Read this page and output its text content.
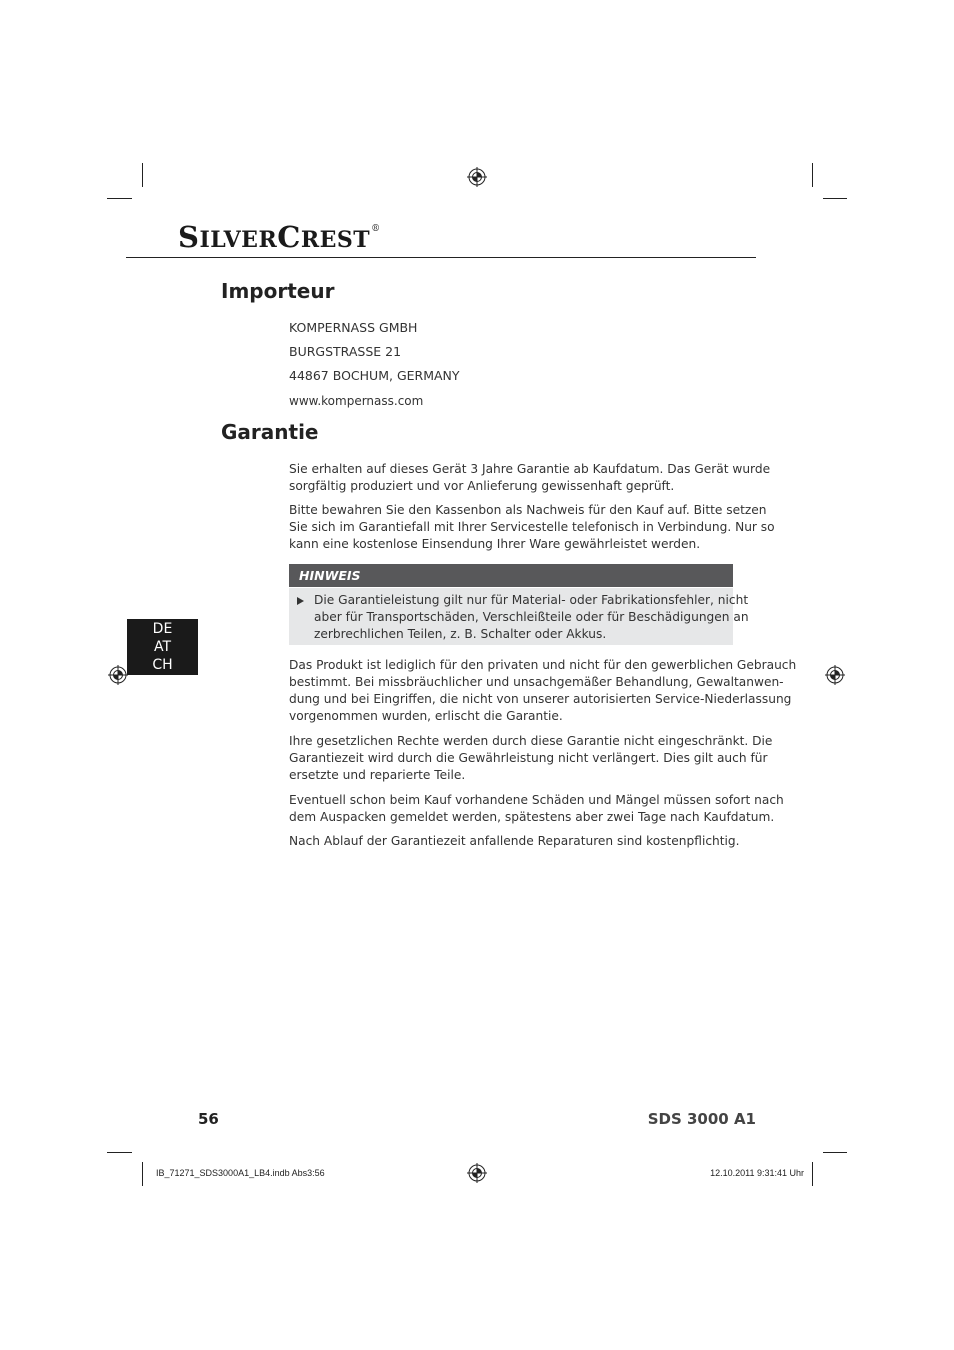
SILVERCREST®
Importeur
KOMPERNASS GMBH
BURGSTRASSE 21
44867 BOCHUM, GERMANY
www.kompernass.com
Garantie
Sie erhalten auf dieses Gerät 3 Jahre Garantie ab Kaufdatum. Das Gerät wurde
sorgfältig produziert und vor Anlieferung gewissenhaft geprüft.
Bitte bewahren Sie den Kassenbon als Nachweis für den Kauf auf. Bitte setzen
Sie sich im Garantiefall mit Ihrer Servicestelle telefonisch in Verbindung. Nur so
kann eine kostenlose Einsendung Ihrer Ware gewährleistet werden.
HINWEIS
Die Garantieleistung gilt nur für Material- oder Fabrikationsfehler, nicht
aber für Transportschäden, Verschleißteile oder für Beschädigungen an
zerbrechlichen Teilen, z. B. Schalter oder Akkus.
DE
AT
CH	Das Produkt ist lediglich für den privaten und nicht für den gewerblichen Gebrauch
bestimmt. Bei missbräuchlicher und unsachgemäßer Behandlung, Gewaltanwen-
dung und bei Eingriffen, die nicht von unserer autorisierten Service-Niederlassung
vorgenommen wurden, erlischt die Garantie.
Ihre gesetzlichen Rechte werden durch diese Garantie nicht eingeschränkt. Die
Garantiezeit wird durch die Gewährleistung nicht verlängert. Dies gilt auch für
ersetzte und reparierte Teile.
Eventuell schon beim Kauf vorhandene Schäden und Mängel müssen sofort nach
dem Auspacken gemeldet werden, spätestens aber zwei Tage nach Kaufdatum.
Nach Ablauf der Garantiezeit anfallende Reparaturen sind kostenpflichtig.
56	SDS 3000 A1
IB_71271_SDS3000A1_LB4.indb Abs3:56	12.10.2011 9:31:41 Uhr
